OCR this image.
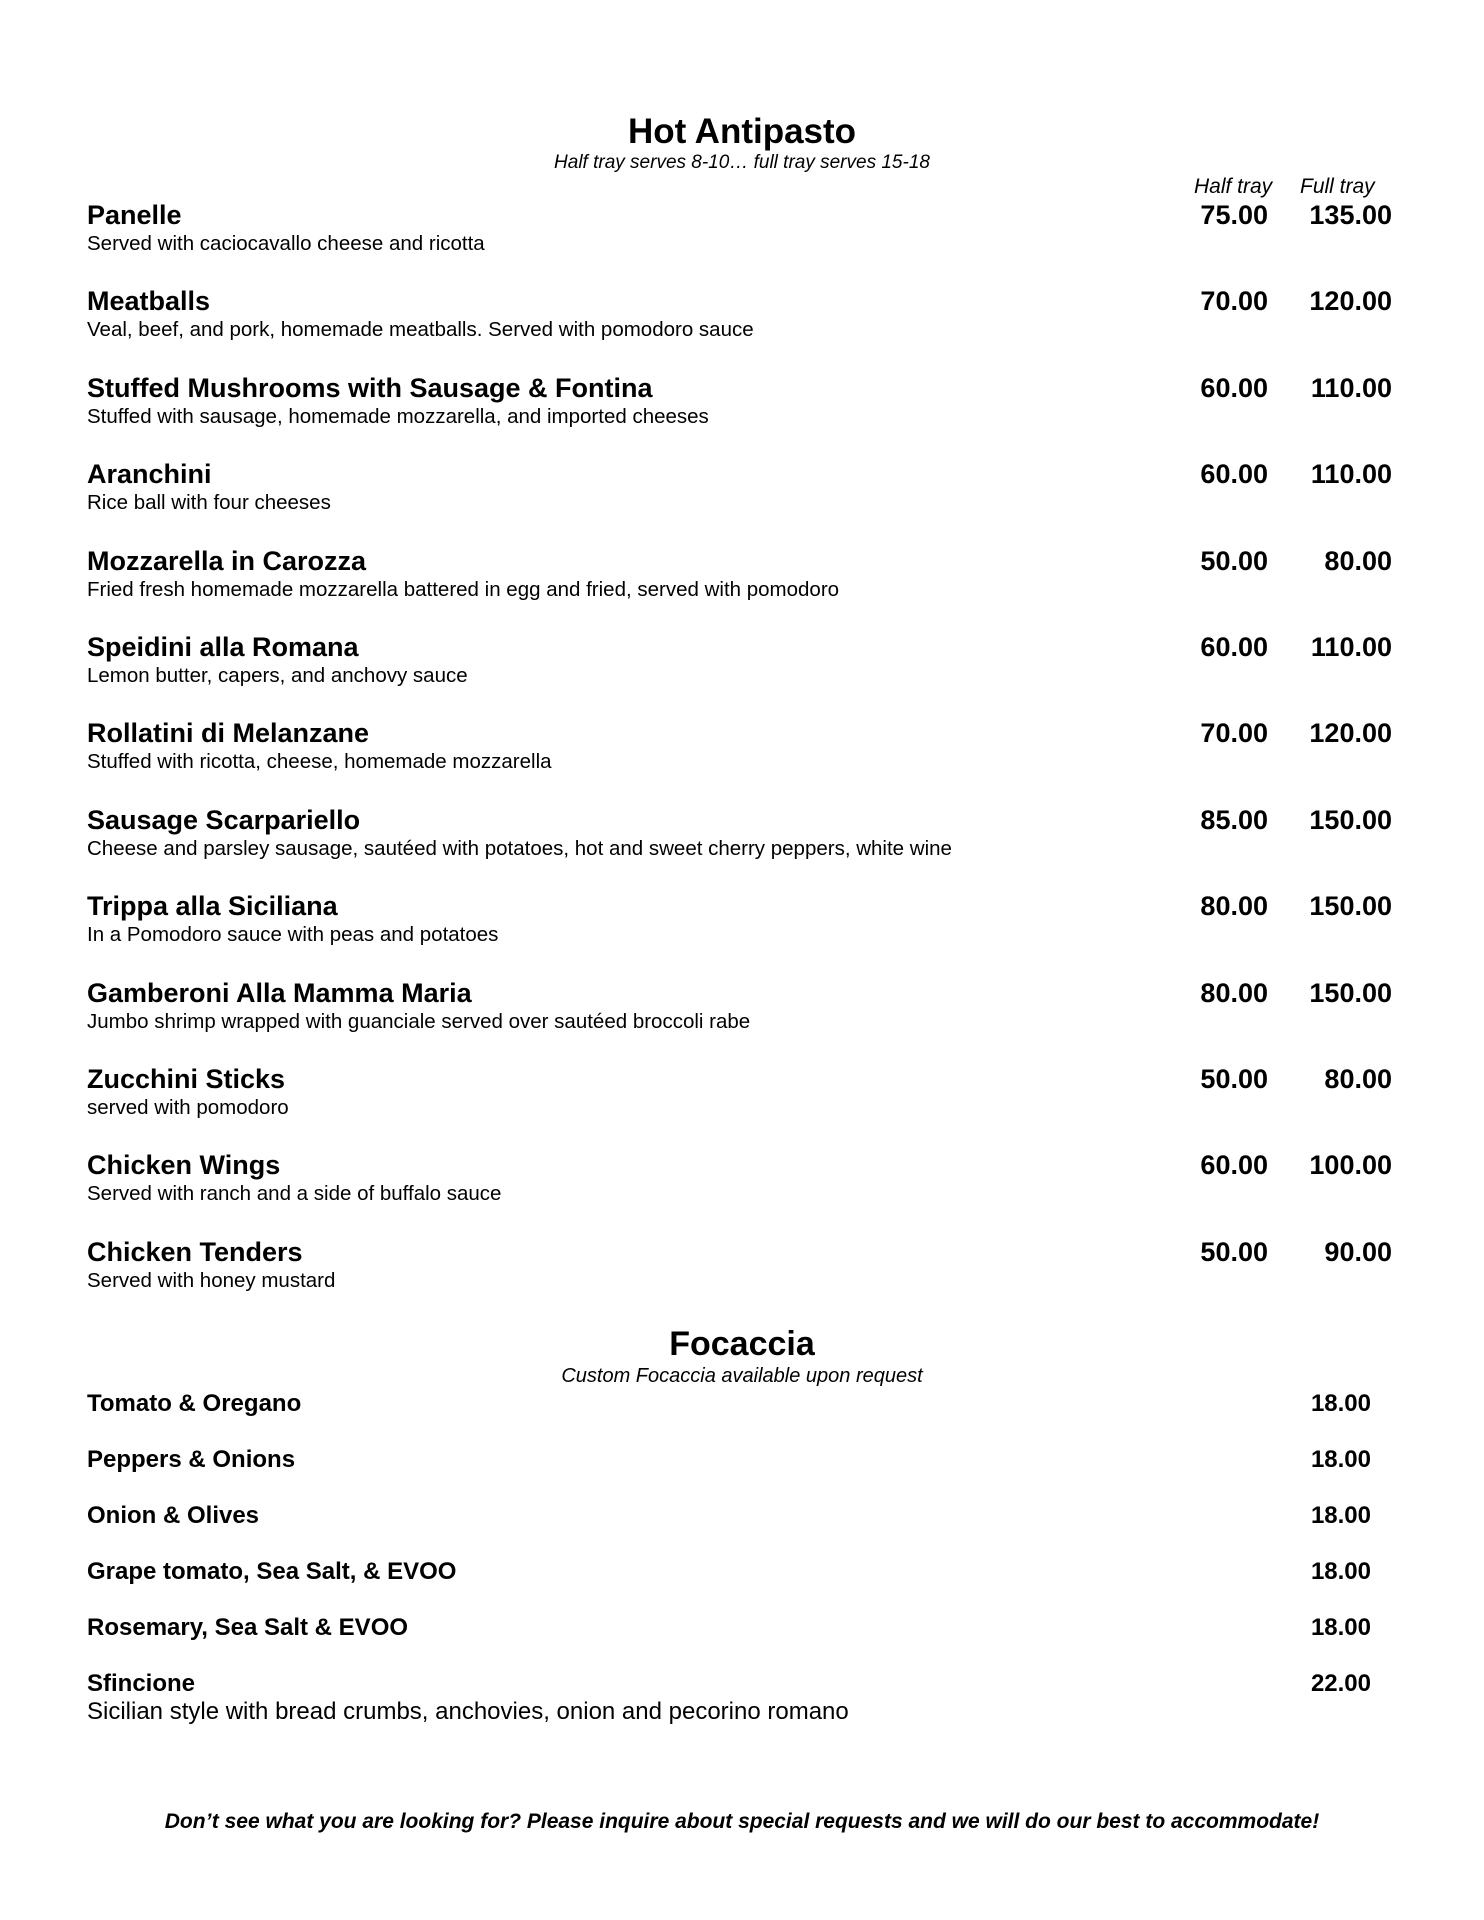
Hot Antipasto
Half tray serves 8-10… full tray serves 15-18
Half tray Full tray
Panelle
Served with caciocavallo cheese and ricotta
75.00	135.00
Meatballs
Veal, beef, and pork, homemade meatballs. Served with pomodoro sauce
70.00	120.00
Stuffed Mushrooms with Sausage & Fontina
Stuffed with sausage, homemade mozzarella, and imported cheeses
60.00	110.00
Aranchini
Rice ball with four cheeses
60.00	110.00
Mozzarella in Carozza
Fried fresh homemade mozzarella battered in egg and fried, served with pomodoro
50.00	80.00
Speidini alla Romana
Lemon butter, capers, and anchovy sauce
60.00	110.00
Rollatini di Melanzane
Stuffed with ricotta, cheese, homemade mozzarella
70.00	120.00
Sausage Scarpariello
Cheese and parsley sausage, sautéed with potatoes, hot and sweet cherry peppers, white wine
85.00	150.00
Trippa alla Siciliana
In a Pomodoro sauce with peas and potatoes
80.00	150.00
Gamberoni Alla Mamma Maria
Jumbo shrimp wrapped with guanciale served over sautéed broccoli rabe
80.00	150.00
Zucchini Sticks
served with pomodoro
50.00	80.00
Chicken Wings
Served with ranch and a side of buffalo sauce
60.00	100.00
Chicken Tenders
Served with honey mustard
50.00	90.00
Focaccia
Custom Focaccia available upon request
Tomato & Oregano	18.00
Peppers & Onions	18.00
Onion & Olives	18.00
Grape tomato, Sea Salt, & EVOO	18.00
Rosemary, Sea Salt & EVOO	18.00
Sfincione	22.00
Sicilian style with bread crumbs, anchovies, onion and pecorino romano
Don’t see what you are looking for? Please inquire about special requests and we will do our best to accommodate!
